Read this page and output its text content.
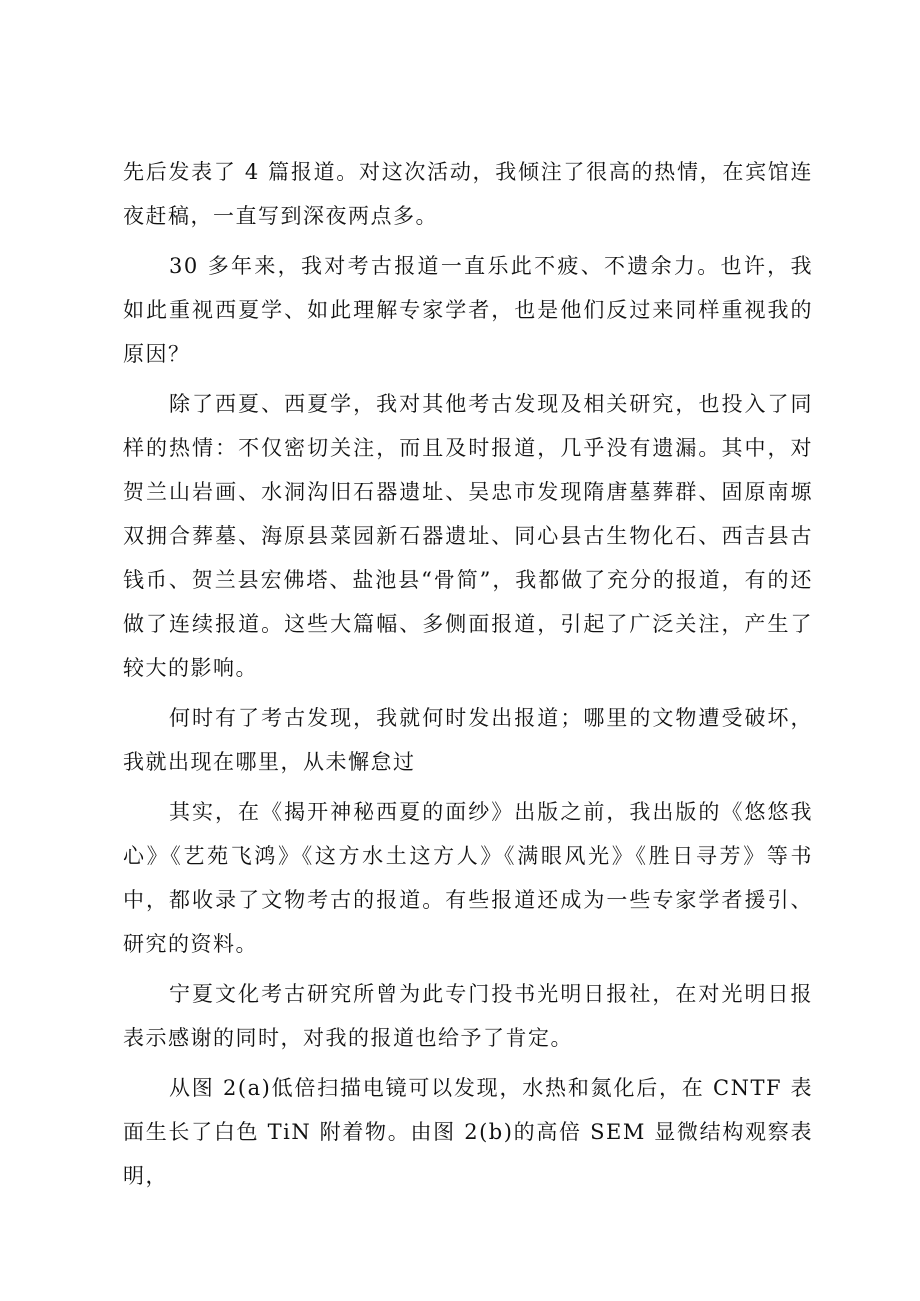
先后发表了 4 篇报道。对这次活动，我倾注了很高的热情，在宾馆连夜赶稿，一直写到深夜两点多。

30 多年来，我对考古报道一直乐此不疲、不遗余力。也许，我如此重视西夏学、如此理解专家学者，也是他们反过来同样重视我的原因？

除了西夏、西夏学，我对其他考古发现及相关研究，也投入了同样的热情：不仅密切关注，而且及时报道，几乎没有遗漏。其中，对贺兰山岩画、水洞沟旧石器遗址、吴忠市发现隋唐墓葬群、固原南塬双拥合葬墓、海原县菜园新石器遗址、同心县古生物化石、西吉县古钱币、贺兰县宏佛塔、盐池县“骨简”，我都做了充分的报道，有的还做了连续报道。这些大篇幅、多侧面报道，引起了广泛关注，产生了较大的影响。

何时有了考古发现，我就何时发出报道；哪里的文物遭受破坏，我就出现在哪里，从未懈怠过

其实，在《揭开神秘西夏的面纱》出版之前，我出版的《悠悠我心》《艺苑飞鸿》《这方水土这方人》《满眼风光》《胜日寻芳》等书中，都收录了文物考古的报道。有些报道还成为一些专家学者援引、研究的资料。

宁夏文化考古研究所曾为此专门投书光明日报社，在对光明日报表示感谢的同时，对我的报道也给予了肯定。

从图 2(a)低倍扫描电镜可以发现，水热和氮化后，在 CNTF 表面生长了白色 TiN 附着物。由图 2(b)的高倍 SEM 显微结构观察表明，
